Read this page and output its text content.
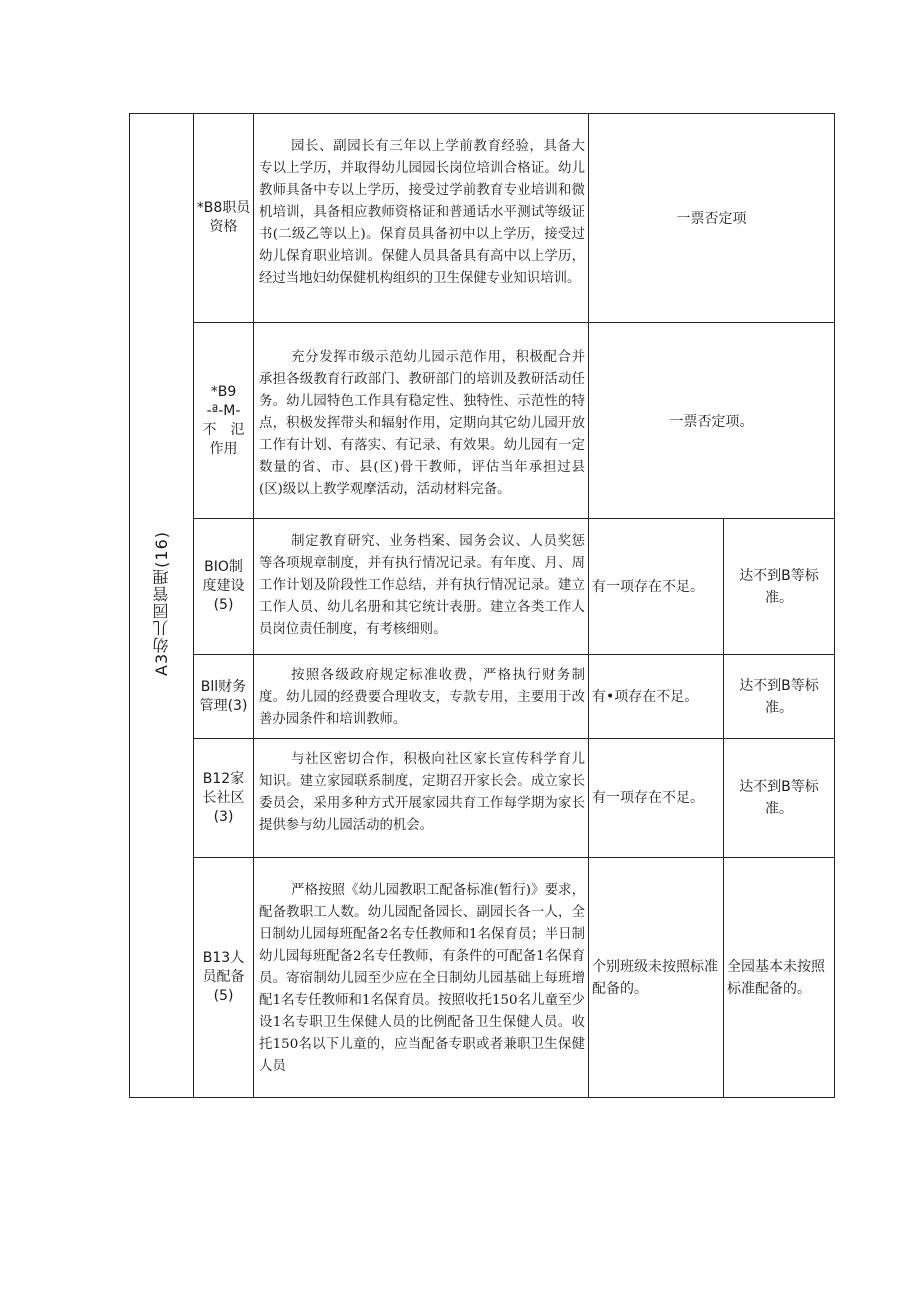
A3幼儿园管理(16)	*B8职员
资格	园长、副园长有三年以上学前教育经验，具备大专以上学历，并取得幼儿园园长岗位培训合格证。幼儿教师具备中专以上学历，接受过学前教育专业培训和微机培训，具备相应教师资格证和普通话水平测试等级证书(二级乙等以上)。保育员具备初中以上学历，接受过幼儿保育职业培训。保健人员具备具有高中以上学历，经过当地妇幼保健机构组织的卫生保健专业知识培训。	一票否定项	

	*B9
-ª-M-
不　氾
作用	充分发挥市级示范幼儿园示范作用，积极配合并承担各级教育行政部门、教研部门的培训及教研活动任务。幼儿园特色工作具有稳定性、独特性、示范性的特点，积极发挥带头和辐射作用，定期向其它幼儿园开放工作有计划、有落实、有记录、有效果。幼儿园有一定数量的省、市、县(区)骨干教师，评估当年承担过县(区)级以上教学观摩活动，活动材料完备。	一票否定项。	

	BIO制
度建设
(5)	制定教育研究、业务档案、园务会议、人员奖惩等各项规章制度，并有执行情况记录。有年度、月、周工作计划及阶段性工作总结，并有执行情况记录。建立工作人员、幼儿名册和其它统计表册。建立各类工作人员岗位责任制度，有考核细则。	有一项存在不足。	达不到B等标准。

	Bll财务
管理(3)	按照各级政府规定标准收费，严格执行财务制度。幼儿园的经费要合理收支，专款专用，主要用于改善办园条件和培训教师。	有•项存在不足。	达不到B等标准。

	B12家
长社区
(3)	与社区密切合作，积极向社区家长宣传科学育儿知识。建立家园联系制度，定期召开家长会。成立家长委员会，采用多种方式开展家园共育工作每学期为家长提供参与幼儿园活动的机会。	有一项存在不足。	达不到B等标准。

	B13人
员配备
(5)	严格按照《幼儿园教职工配备标准(暂行)》要求，配备教职工人数。幼儿园配备园长、副园长各一人，全日制幼儿园每班配备2名专任教师和1名保育员；半日制幼儿园每班配备2名专任教师，有条件的可配备1名保育员。寄宿制幼儿园至少应在全日制幼儿园基础上每班增配1名专任教师和1名保育员。按照收托150名儿童至少设1名专职卫生保健人员的比例配备卫生保健人员。收托150名以下儿童的，应当配备专职或者兼职卫生保健人员	个别班级未按照标准配备的。	全园基本未按照标准配备的。
